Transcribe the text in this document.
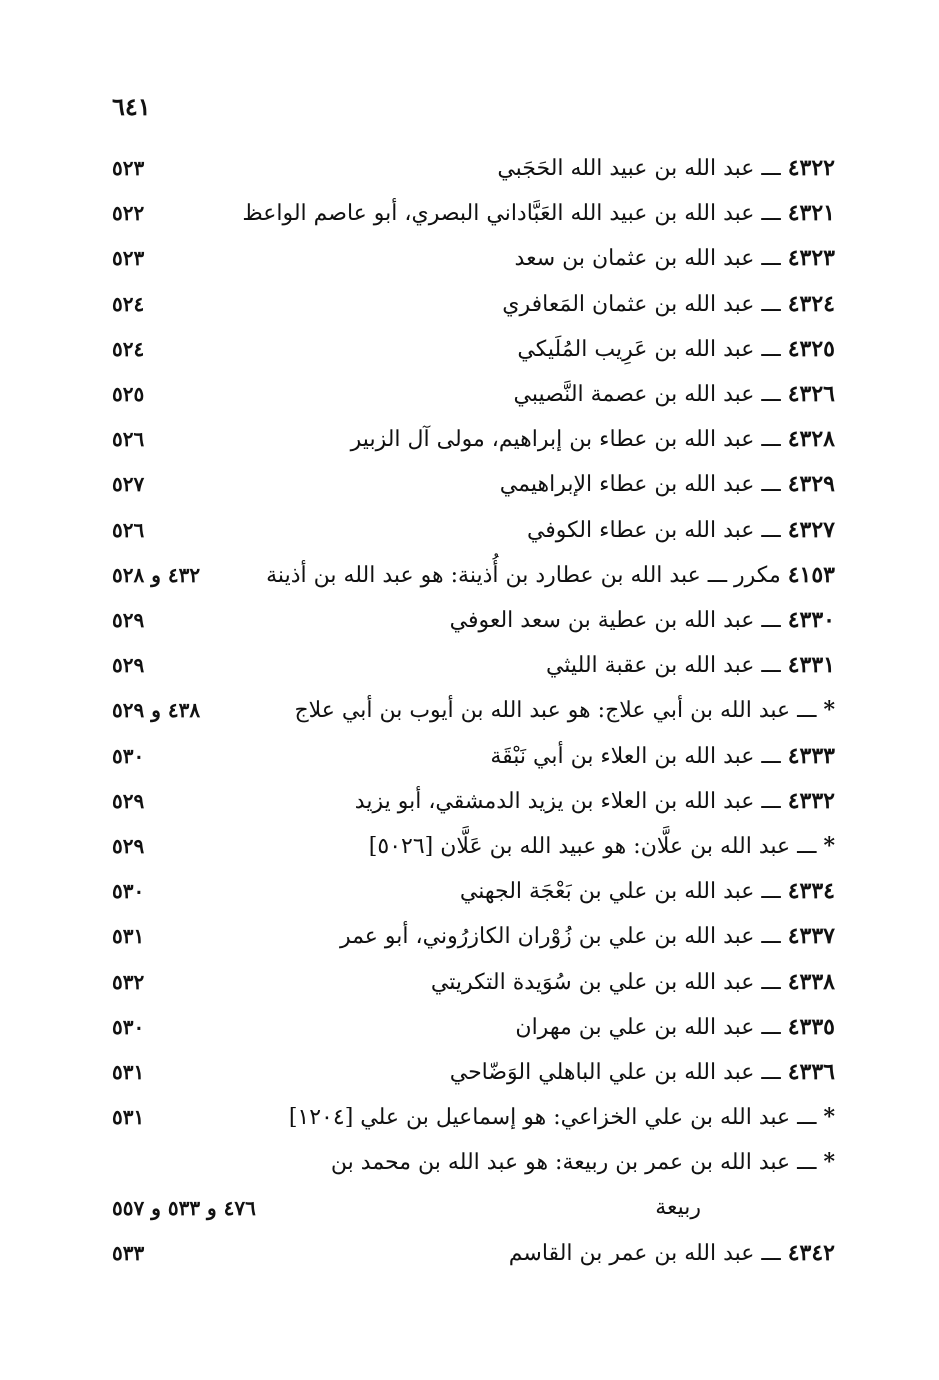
٦٤١
٤٣٢٢ ـــ عبد الله بن عبيد الله الحَجَبي
٥٢٣
٤٣٢١ ـــ عبد الله بن عبيد الله العَبَّاداني البصري، أبو عاصم الواعظ
٥٢٢
٤٣٢٣ ـــ عبد الله بن عثمان بن سعد
٥٢٣
٤٣٢٤ ـــ عبد الله بن عثمان المَعافري
٥٢٤
٤٣٢٥ ـــ عبد الله بن عَرِيب المُلَيكي
٥٢٤
٤٣٢٦ ـــ عبد الله بن عصمة النَّصيبي
٥٢٥
٤٣٢٨ ـــ عبد الله بن عطاء بن إبراهيم، مولى آل الزبير
٥٢٦
٤٣٢٩ ـــ عبد الله بن عطاء الإبراهيمي
٥٢٧
٤٣٢٧ ـــ عبد الله بن عطاء الكوفي
٥٢٦
٤١٥٣ مكرر ـــ عبد الله بن عطارد بن أُذينة: هو عبد الله بن أذينة
٤٣٢ و ٥٢٨
٤٣٣٠ ـــ عبد الله بن عطية بن سعد العوفي
٥٢٩
٤٣٣١ ـــ عبد الله بن عقبة الليثي
٥٢٩
* ـــ عبد الله بن أبي علاج: هو عبد الله بن أيوب بن أبي علاج
٤٣٨ و ٥٢٩
٤٣٣٣ ـــ عبد الله بن العلاء بن أبي نَبْقَة
٥٣٠
٤٣٣٢ ـــ عبد الله بن العلاء بن يزيد الدمشقي، أبو يزيد
٥٢٩
* ـــ عبد الله بن علَّان: هو عبيد الله بن عَلَّان [٥٠٢٦]
٥٢٩
٤٣٣٤ ـــ عبد الله بن علي بن بَعْجَة الجهني
٥٣٠
٤٣٣٧ ـــ عبد الله بن علي بن زُوْران الكازرُوني، أبو عمر
٥٣١
٤٣٣٨ ـــ عبد الله بن علي بن سُوَيدة التكريتي
٥٣٢
٤٣٣٥ ـــ عبد الله بن علي بن مهران
٥٣٠
٤٣٣٦ ـــ عبد الله بن علي الباهلي الوَضّاحي
٥٣١
* ـــ عبد الله بن علي الخزاعي: هو إسماعيل بن علي [١٢٠٤]
٥٣١
* ـــ عبد الله بن عمر بن ربيعة: هو عبد الله بن محمد بن
ربيعة
٤٧٦ و ٥٣٣ و ٥٥٧
٤٣٤٢ ـــ عبد الله بن عمر بن القاسم
٥٣٣
